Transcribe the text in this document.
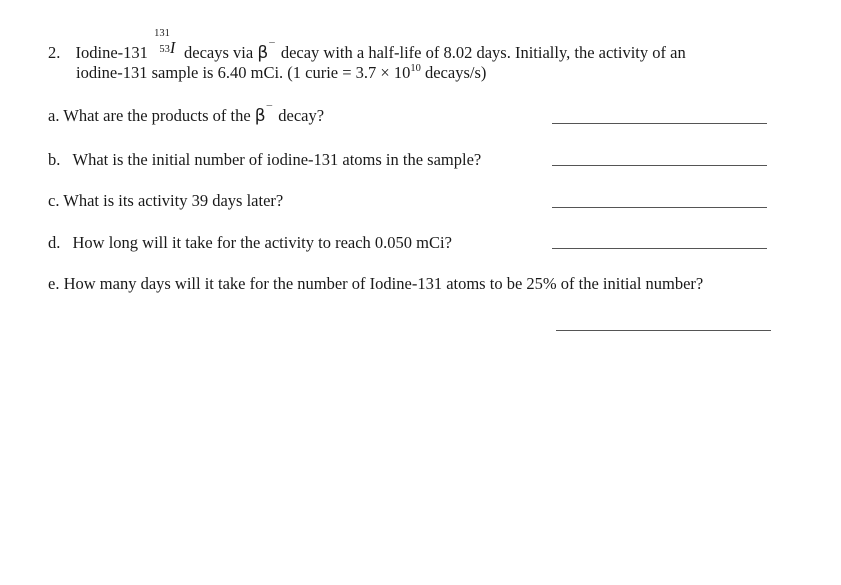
2. Iodine-131
131
53 I decays via β¯ decay with a half-life of 8.02 days. Initially, the activity of an
iodine-131 sample is 6.40 mCi. (1 curie = $3.7 \times 10^{10}$ decays/s)
a. What are the products of the β¯ decay?
b. What is the initial number of iodine-131 atoms in the sample?
c. What is its activity 39 days later?
d. How long will it take for the activity to reach 0.050 mCi?
e. How many days will it take for the number of Iodine-131 atoms to be 25% of the initial number?
